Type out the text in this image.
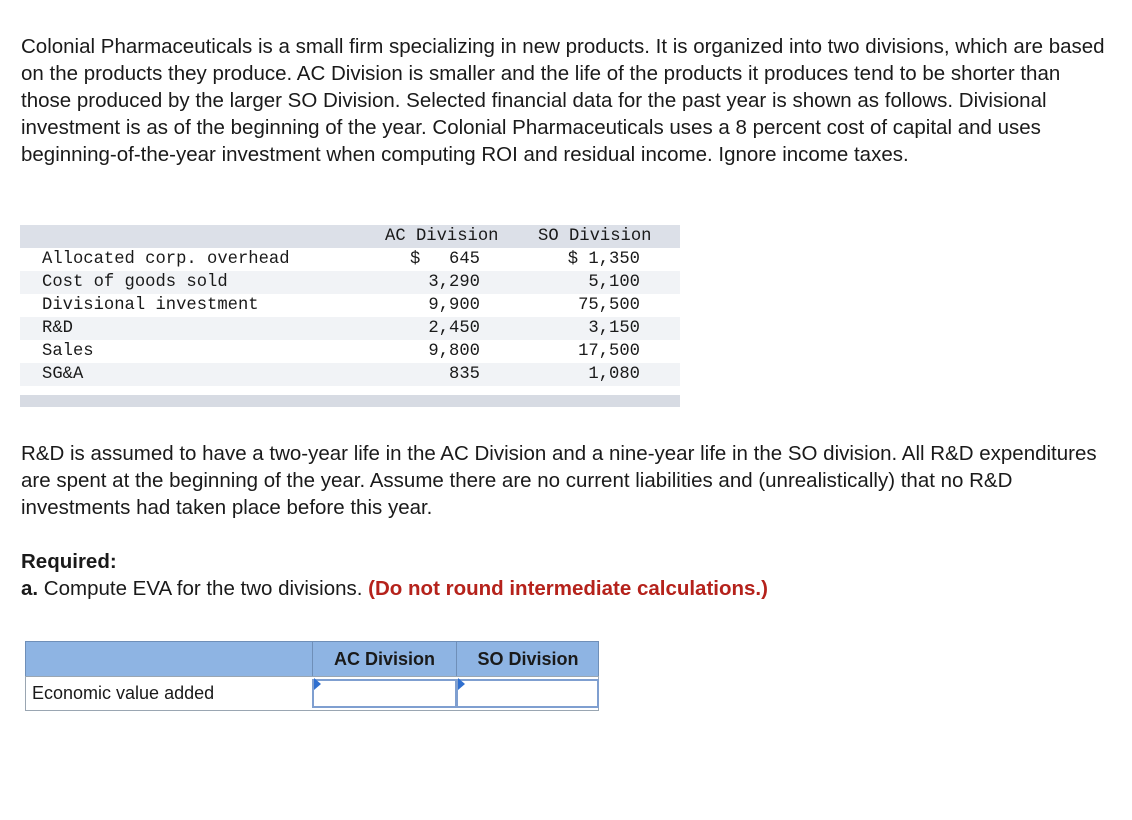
Colonial Pharmaceuticals is a small firm specializing in new products. It is organized into two divisions, which are based on the products they produce. AC Division is smaller and the life of the products it produces tend to be shorter than those produced by the larger SO Division. Selected financial data for the past year is shown as follows. Divisional investment is as of the beginning of the year. Colonial Pharmaceuticals uses a 8 percent cost of capital and uses beginning-of-the-year investment when computing ROI and residual income. Ignore income taxes.

AC Division SO Division
Allocated corp. overhead	$ 645	$ 1,350
Cost of goods sold	3,290	5,100
Divisional investment	9,900	75,500
R&D	2,450	3,150
Sales	9,800	17,500
SG&A	835	1,080

R&D is assumed to have a two-year life in the AC Division and a nine-year life in the SO division. All R&D expenditures are spent at the beginning of the year. Assume there are no current liabilities and (unrealistically) that no R&D investments had taken place before this year.

Required:
a. Compute EVA for the two divisions. (Do not round intermediate calculations.)
AC Division	SO Division
Economic value added
